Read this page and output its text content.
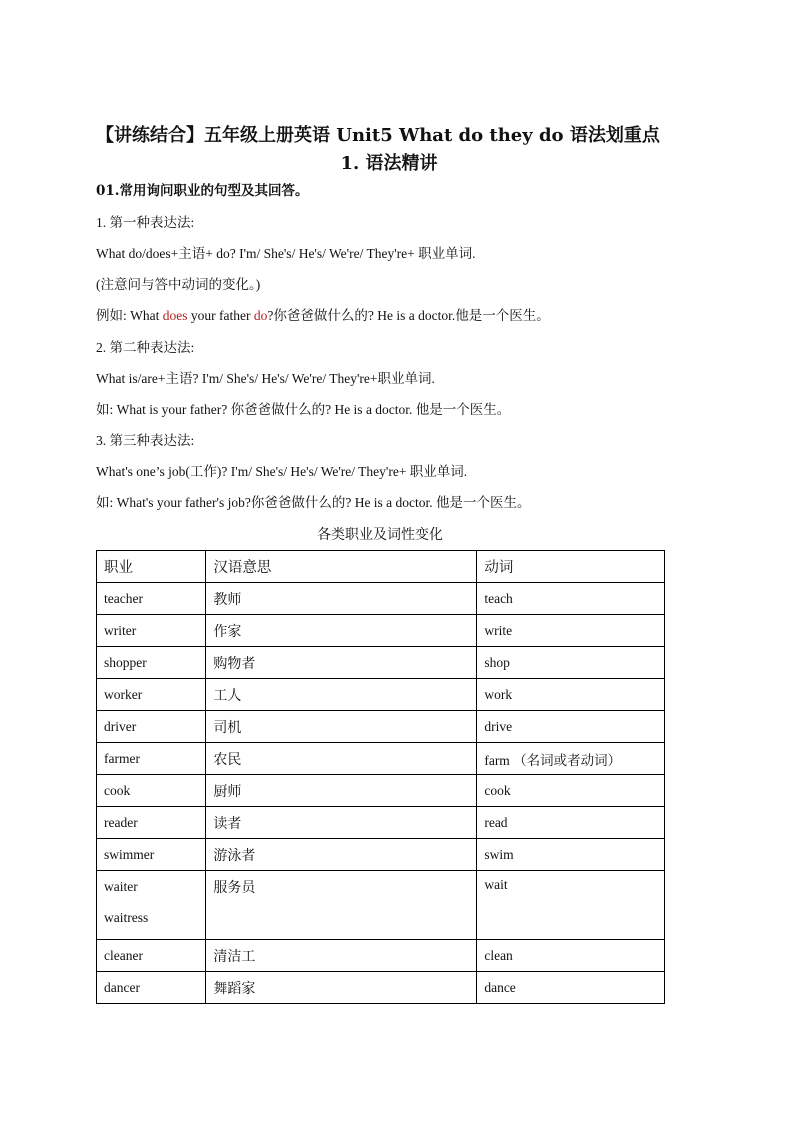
【讲练结合】五年级上册英语 Unit5 What do they do 语法划重点
1. 语法精讲
01.常用询问职业的句型及其回答。
1. 第一种表达法:
What do/does+主语+ do? I'm/ She's/ He's/ We're/ They're+ 职业单词.
(注意问与答中动词的变化。)
例如: What does your father do?你爸爸做什么的? He is a doctor.他是一个医生。
2. 第二种表达法:
What is/are+主语? I'm/ She's/ He's/ We're/ They're+职业单词.
如: What is your father? 你爸爸做什么的? He is a doctor. 他是一个医生。
3. 第三种表达法:
What's one’s job(工作)? I'm/ She's/ He's/ We're/ They're+ 职业单词.
如: What's your father's job?你爸爸做什么的? He is a doctor. 他是一个医生。
各类职业及词性变化
职业	汉语意思	动词
teacher	教师	teach
writer	作家	write
shopper	购物者	shop
worker	工人	work
driver	司机	drive
farmer	农民	farm （名词或者动词）
cook	厨师	cook
reader	读者	read
swimmer	游泳者	swim

waiter
waitress	服务员	wait
cleaner	清洁工	clean
dancer	舞蹈家	dance
